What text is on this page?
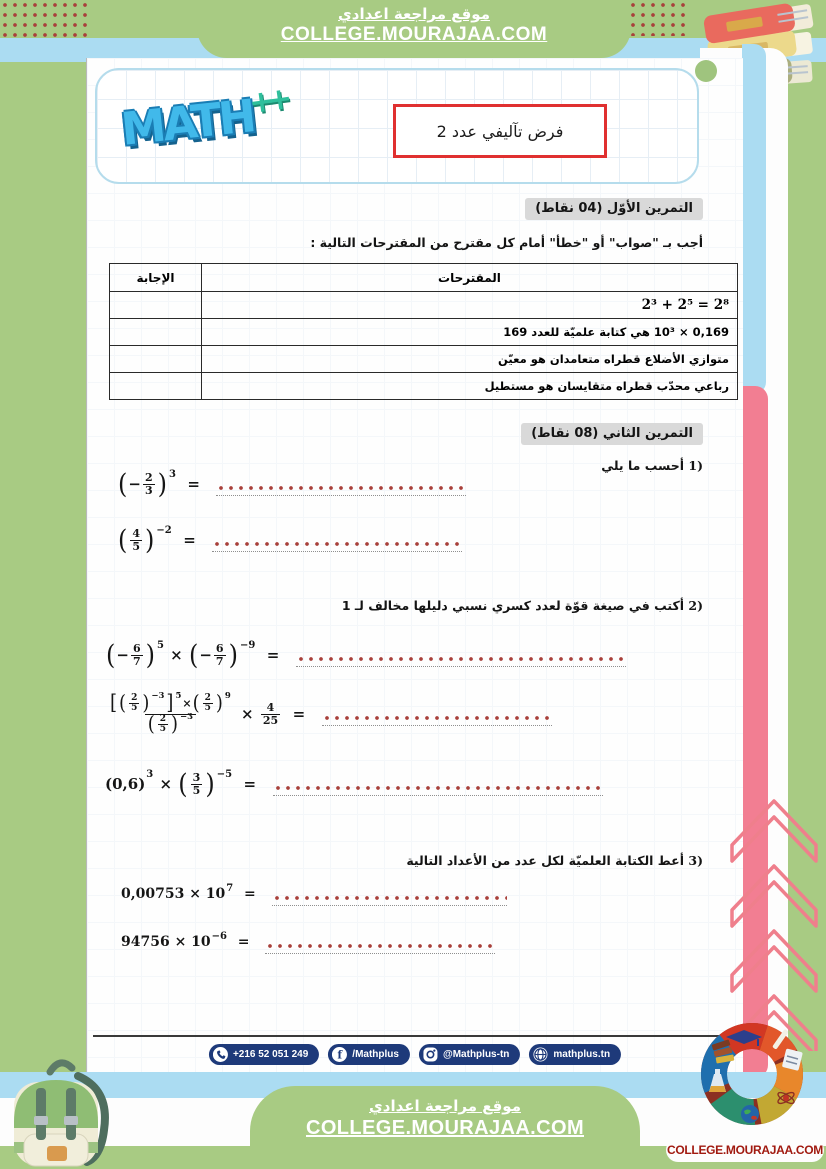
موقع مراجعة اعدادي
COLLEGE.MOURAJAA.COM
MATH
++
فرض تآليفي عدد 2
التمرين الأوّل (04 نقاط)
أجب بـ "صواب" أو "خطأ" أمام كل مقترح من المقترحات التالية :
الإجابة	المقترحات
	2³ + 2⁵ = 2⁸
	0,169 × 10³ هي كتابة علميّة للعدد 169
	متوازي الأضلاع قطراه متعامدان هو معيّن
	رباعي محدّب قطراه متقايسان هو مستطيل
التمرين الثاني (08 نقاط)
1) أحسب ما يلي
( − $\frac{2}{3}$ ) 3
=
( $\frac{4}{5}$ ) −2
=
2) أكتب في صيغة قوّة لعدد كسري نسبي دليلها مخالف لـ 1
( − $\frac{6}{7}$ ) 5
× ( − $\frac{6}{7}$ ) −9
=
[ ( $\frac{2}{5}$ ) −3 ] 5
× ( $\frac{2}{5}$ ) 9
( $\frac{2}{5}$ ) $-3 \times \frac{4}{25}$ =
(0,6)
3
× ( $\frac{3}{5}$ ) −5
=
3) أعط الكتابة العلميّة لكل عدد من الأعداد التالية
0,00753 × 10 7 =
94756 × 10 −6 =
+216 52 051 249	f /Mathplus	@Mathplus-tn	mathplus.tn
موقع مراجعة اعدادي
COLLEGE.MOURAJAA.COM
COLLEGE.MOURAJAA.COM
